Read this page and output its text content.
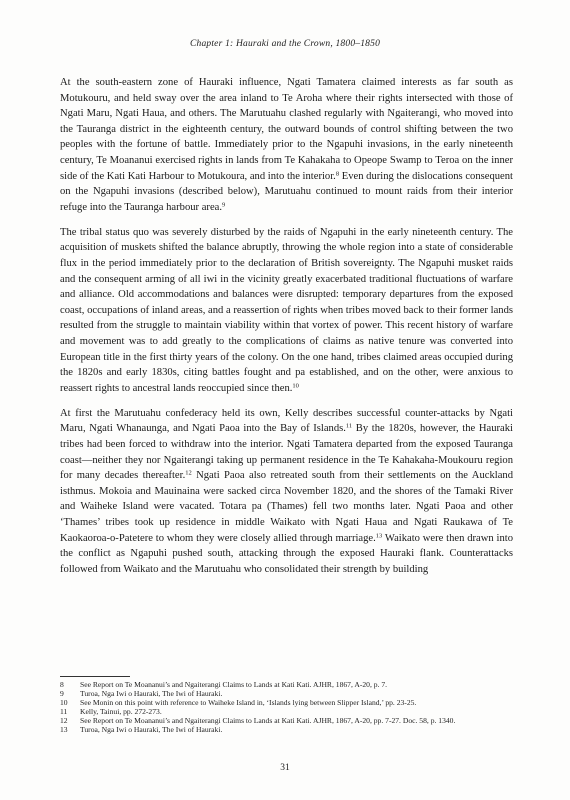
Chapter 1: Hauraki and the Crown, 1800–1850

At the south-eastern zone of Hauraki influence, Ngati Tamatera claimed interests as far south as Motukouru, and held sway over the area inland to Te Aroha where their rights intersected with those of Ngati Maru, Ngati Haua, and others. The Marutuahu clashed regularly with Ngaiterangi, who moved into the Tauranga district in the eighteenth century, the outward bounds of control shifting between the two peoples with the fortune of battle. Immediately prior to the Ngapuhi invasions, in the early nineteenth century, Te Moananui exercised rights in lands from Te Kahakaha to Opeope Swamp to Teroa on the inner side of the Kati Kati Harbour to Motukoura, and into the interior.$^8$ Even during the dislocations consequent on the Ngapuhi invasions (described below), Marutuahu continued to mount raids from their interior refuge into the Tauranga harbour area.$^9$

The tribal status quo was severely disturbed by the raids of Ngapuhi in the early nineteenth century. The acquisition of muskets shifted the balance abruptly, throwing the whole region into a state of considerable flux in the period immediately prior to the declaration of British sovereignty. The Ngapuhi musket raids and the consequent arming of all iwi in the vicinity greatly exacerbated traditional fluctuations of warfare and alliance. Old accommodations and balances were disrupted: temporary departures from the exposed coast, occupations of inland areas, and a reassertion of rights when tribes moved back to their former lands resulted from the struggle to maintain viability within that vortex of power. This recent history of warfare and movement was to add greatly to the complications of claims as native tenure was converted into European title in the first thirty years of the colony. On the one hand, tribes claimed areas occupied during the 1820s and early 1830s, citing battles fought and pa established, and on the other, were anxious to reassert rights to ancestral lands reoccupied since then.$^{10}$

At first the Marutuahu confederacy held its own, Kelly describes successful counter-attacks by Ngati Maru, Ngati Whanaunga, and Ngati Paoa into the Bay of Islands.$^{11}$ By the 1820s, however, the Hauraki tribes had been forced to withdraw into the interior. Ngati Tamatera departed from the exposed Tauranga coast—neither they nor Ngaiterangi taking up permanent residence in the Te Kahakaha-Moukouru region for many decades thereafter.$^{12}$ Ngati Paoa also retreated south from their settlements on the Auckland isthmus. Mokoia and Mauinaina were sacked circa November 1820, and the shores of the Tamaki River and Waiheke Island were vacated. Totara pa (Thames) fell two months later. Ngati Paoa and other ‘Thames’ tribes took up residence in middle Waikato with Ngati Haua and Ngati Raukawa of Te Kaokaoroa-o-Patetere to whom they were closely allied through marriage.$^{13}$ Waikato were then drawn into the conflict as Ngapuhi pushed south, attacking through the exposed Hauraki flank. Counterattacks followed from Waikato and the Marutuahu who consolidated their strength by building

8	See Report on Te Moananui’s and Ngaiterangi Claims to Lands at Kati Kati. AJHR, 1867, A-20, p. 7.
9	Turoa, Nga Iwi o Hauraki, The Iwi of Hauraki.
10	See Monin on this point with reference to Waiheke Island in, ‘Islands lying between Slipper Island,’ pp. 23-25.
11	Kelly, Tainui, pp. 272-273.
12	See Report on Te Moananui’s and Ngaiterangi Claims to Lands at Kati Kati. AJHR, 1867, A-20, pp. 7-27. Doc. 58, p. 1340.
13	Turoa, Nga Iwi o Hauraki, The Iwi of Hauraki.
31
